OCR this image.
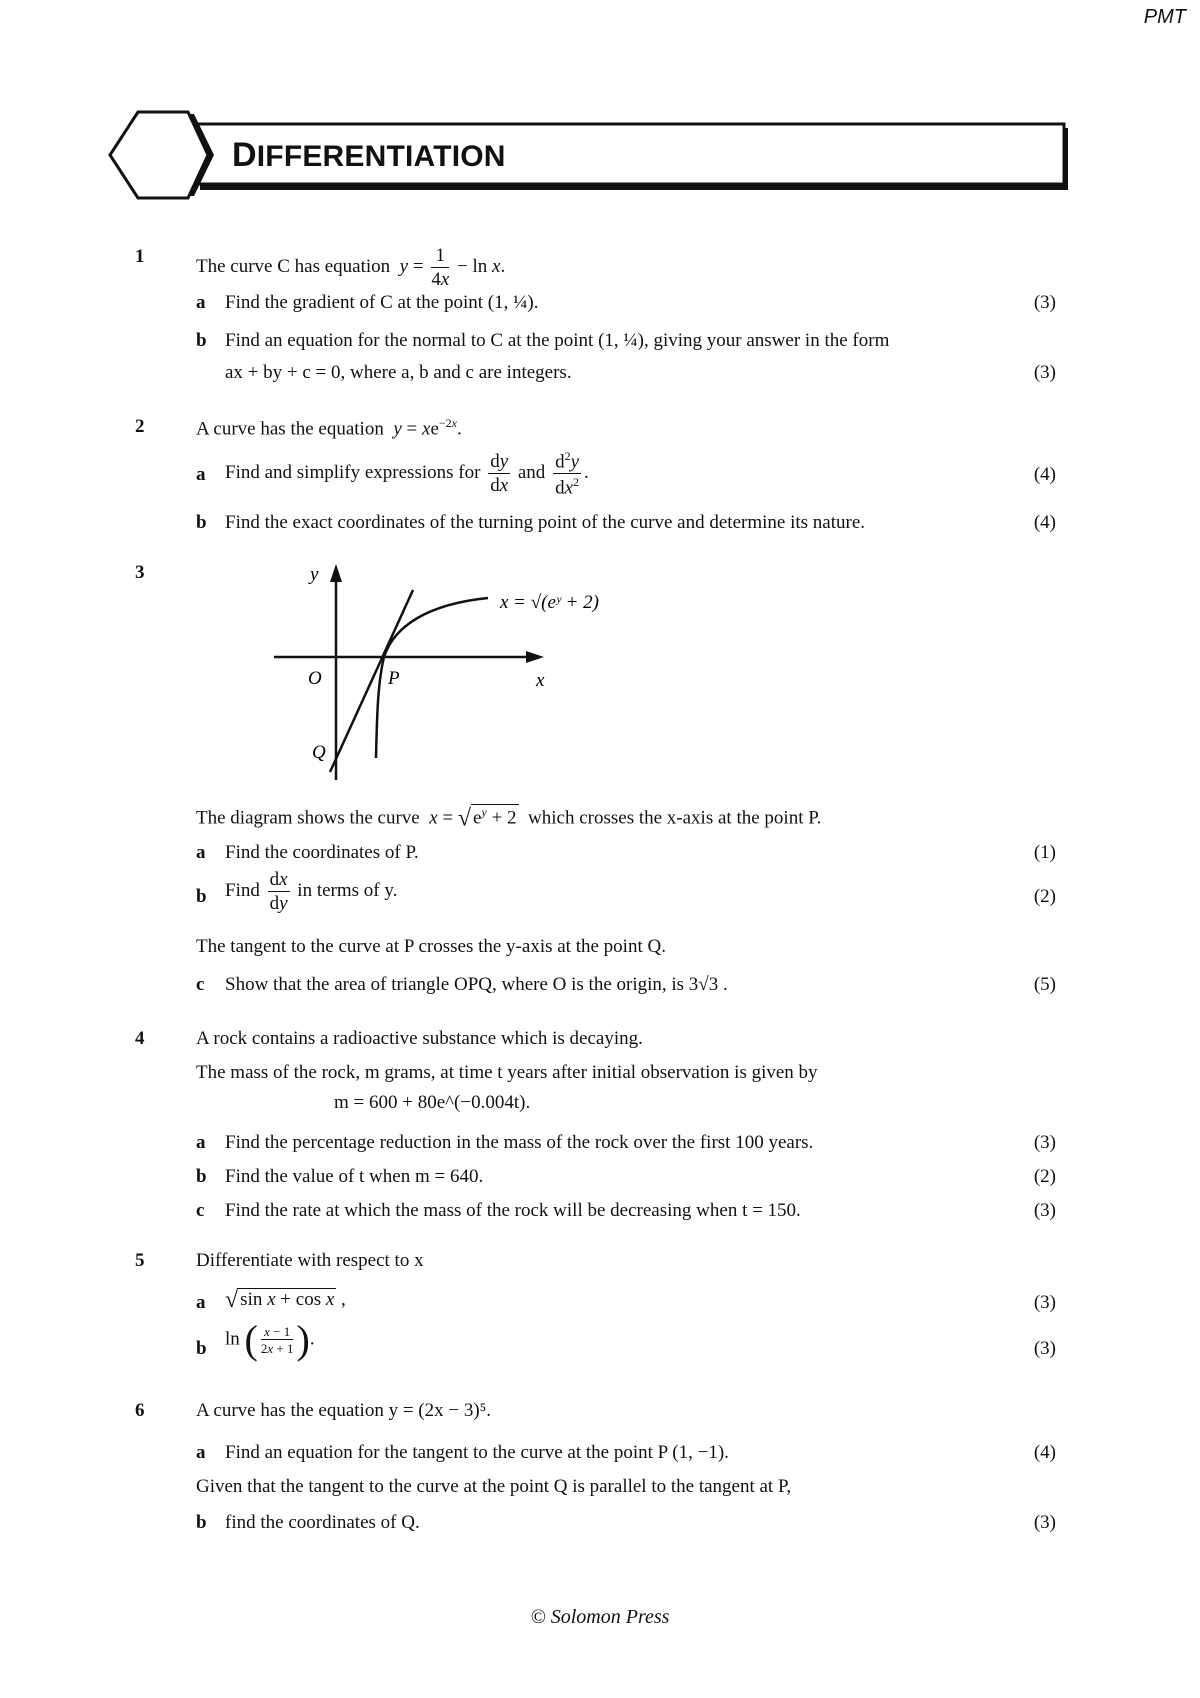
PMT
DIFFERENTIATION
1	The curve C has equation $y = \frac{1}{4x} - \ln x$.
a Find the gradient of C at the point (1, ¼).	(3)
b Find an equation for the normal to C at the point (1, ¼), giving your answer in the form
ax + by + c = 0, where a, b and c are integers.	(3)
2	A curve has the equation $y = xe^{-2x}$.
a Find and simplify expressions for $\frac{dy}{dx}$ and $\frac{d^2y}{dx^2}$ .	(4)
b Find the exact coordinates of the turning point of the curve and determine its nature.	(4)
3	y
x
O	P
Q
x = √(eʸ + 2)
The diagram shows the curve x = √ $e^y + 2$ which crosses the x-axis at the point P.
a Find the coordinates of P.	(1)
b Find $\frac{dx}{dy}$ in terms of y.	(2)
The tangent to the curve at P crosses the y-axis at the point Q.
c Show that the area of triangle OPQ, where O is the origin, is 3√3 .	(5)
4	A rock contains a radioactive substance which is decaying.
The mass of the rock, m grams, at time t years after initial observation is given by
m = 600 + 80e^(−0.004t).
a Find the percentage reduction in the mass of the rock over the first 100 years.	(3)
b Find the value of t when m = 640.	(2)
c Find the rate at which the mass of the rock will be decreasing when t = 150.	(3)
5	Differentiate with respect to x
a √ sin x + cos x ,	(3)
b ln ( $\frac{x - 1}{2x + 1}$ ).	(3)
6	A curve has the equation y = (2x − 3)⁵.
a Find an equation for the tangent to the curve at the point P (1, −1).	(4)
Given that the tangent to the curve at the point Q is parallel to the tangent at P,
b find the coordinates of Q.	(3)
© Solomon Press
